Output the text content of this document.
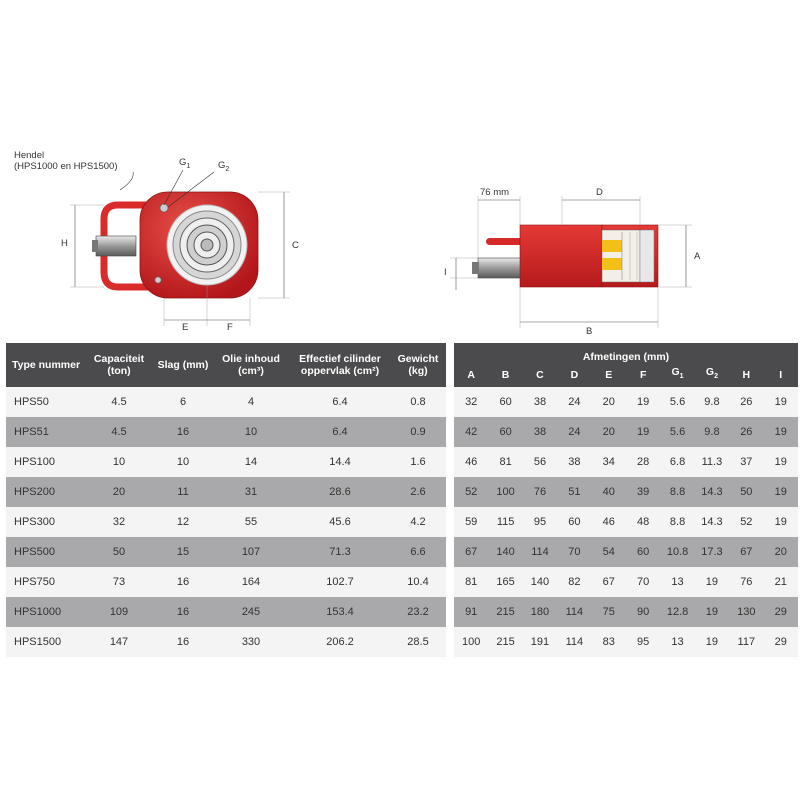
Hendel
(HPS1000 en HPS1500)	$G_1$	$G_2$
H	C
E	F
76 mm	D
A
B
I
Type nummer	Capaciteit (ton)	Slag (mm)	Olie inhoud (cm³)	Effectief cilinder oppervlak (cm²)	Gewicht (kg)
HPS50	4.5	6	4	6.4	0.8
HPS51	4.5	16	10	6.4	0.9
HPS100	10	10	14	14.4	1.6
HPS200	20	11	31	28.6	2.6
HPS300	32	12	55	45.6	4.2
HPS500	50	15	107	71.3	6.6
HPS750	73	16	164	102.7	10.4
HPS1000	109	16	245	153.4	23.2
HPS1500	147	16	330	206.2	28.5
Afmetingen (mm)									
A	B	C	D	E	F	$G_1$	$G_2$	H	I
32	60	38	24	20	19	5.6	9.8	26	19
42	60	38	24	20	19	5.6	9.8	26	19
46	81	56	38	34	28	6.8	11.3	37	19
52	100	76	51	40	39	8.8	14.3	50	19
59	115	95	60	46	48	8.8	14.3	52	19
67	140	114	70	54	60	10.8	17.3	67	20
81	165	140	82	67	70	13	19	76	21
91	215	180	114	75	90	12.8	19	130	29
100	215	191	114	83	95	13	19	117	29
